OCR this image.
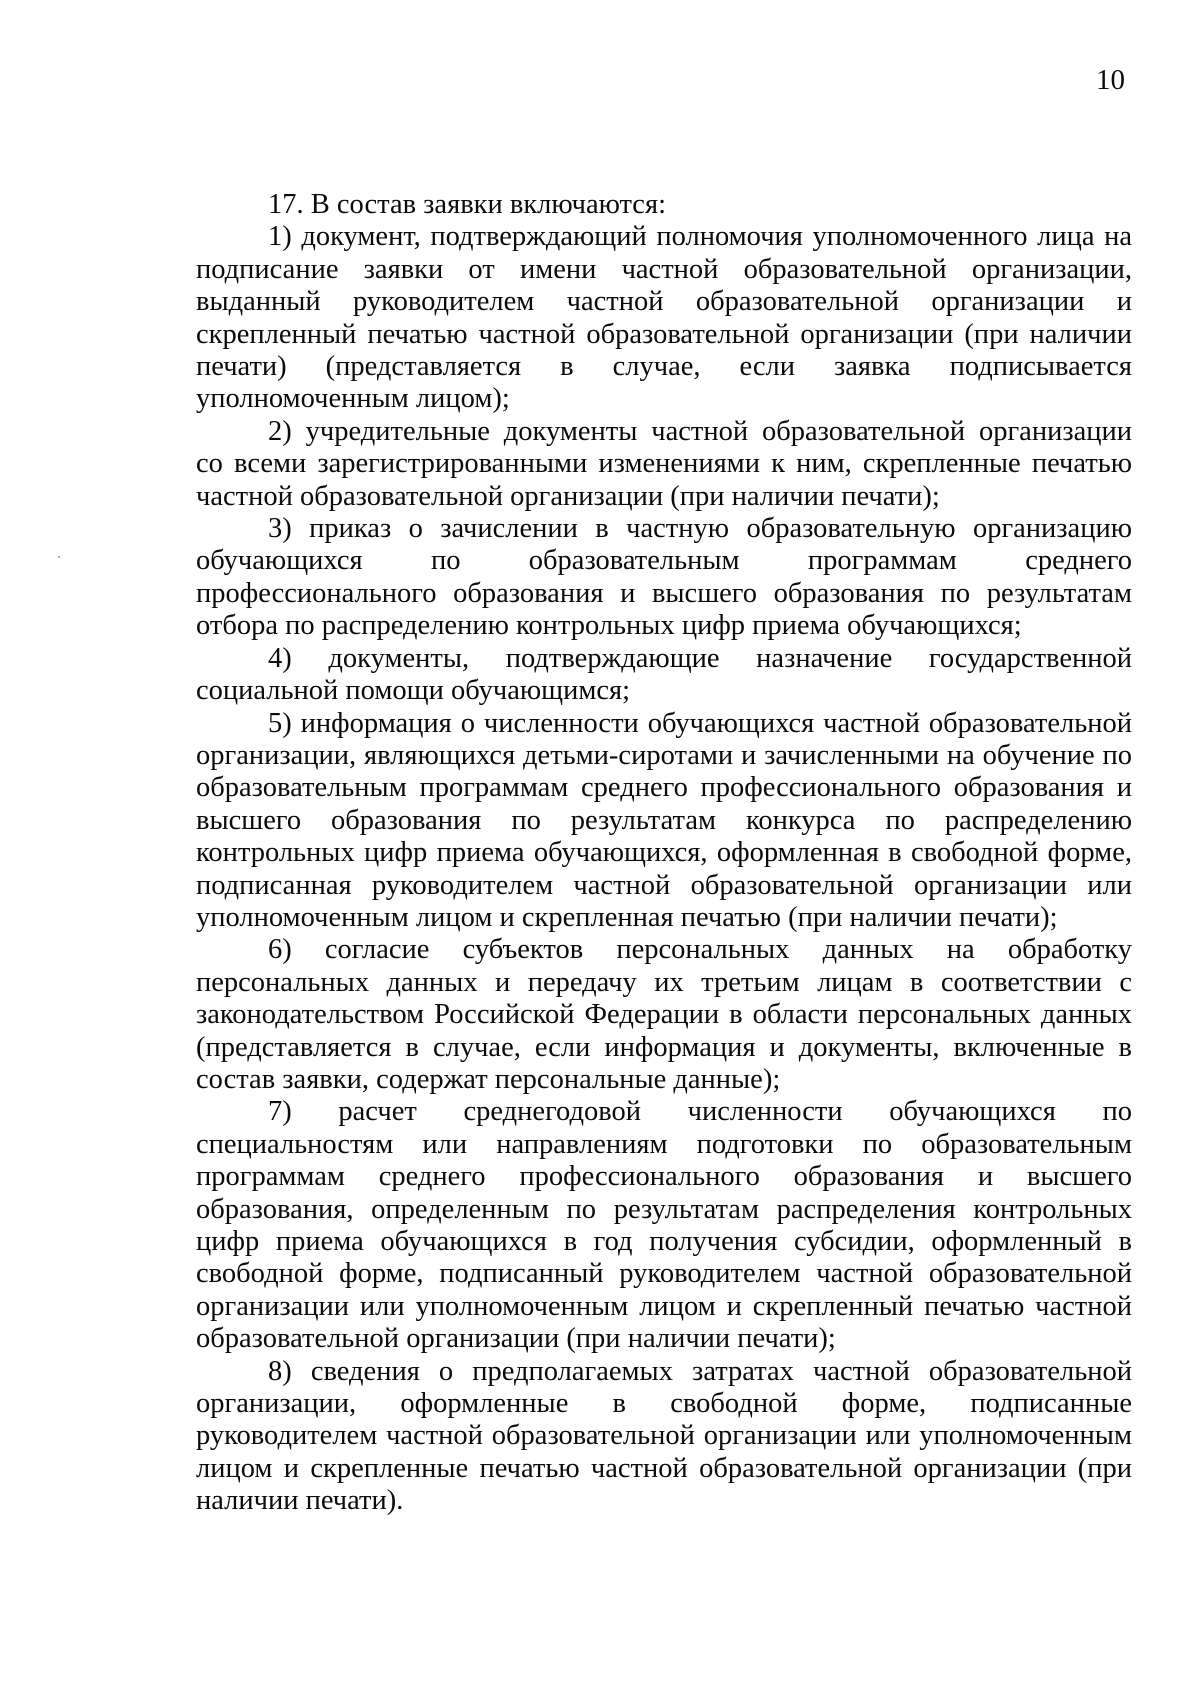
10

17. В состав заявки включаются:

1) документ, подтверждающий полномочия уполномоченного лица на подписание заявки от имени частной образовательной организации, выданный руководителем частной образовательной организации и скрепленный печатью частной образовательной организации (при наличии печати) (представляется в случае, если заявка подписывается уполномоченным лицом);

2) учредительные документы частной образовательной организации со всеми зарегистрированными изменениями к ним, скрепленные печатью частной образовательной организации (при наличии печати);

3) приказ о зачислении в частную образовательную организацию обучающихся по образовательным программам среднего профессионального образования и высшего образования по результатам отбора по распределению контрольных цифр приема обучающихся;

4) документы, подтверждающие назначение государственной социальной помощи обучающимся;

5) информация о численности обучающихся частной образовательной организации, являющихся детьми-сиротами и зачисленными на обучение по образовательным программам среднего профессионального образования и высшего образования по результатам конкурса по распределению контрольных цифр приема обучающихся, оформленная в свободной форме, подписанная руководителем частной образовательной организации или уполномоченным лицом и скрепленная печатью (при наличии печати);

6) согласие субъектов персональных данных на обработку персональных данных и передачу их третьим лицам в соответствии с законодательством Российской Федерации в области персональных данных (представляется в случае, если информация и документы, включенные в состав заявки, содержат персональные данные);

7) расчет среднегодовой численности обучающихся по специальностям или направлениям подготовки по образовательным программам среднего профессионального образования и высшего образования, определенным по результатам распределения контрольных цифр приема обучающихся в год получения субсидии, оформленный в свободной форме, подписанный руководителем частной образовательной организации или уполномоченным лицом и скрепленный печатью частной образовательной организации (при наличии печати);

8) сведения о предполагаемых затратах частной образовательной организации, оформленные в свободной форме, подписанные руководителем частной образовательной организации или уполномоченным лицом и скрепленные печатью частной образовательной организации (при наличии печати).
